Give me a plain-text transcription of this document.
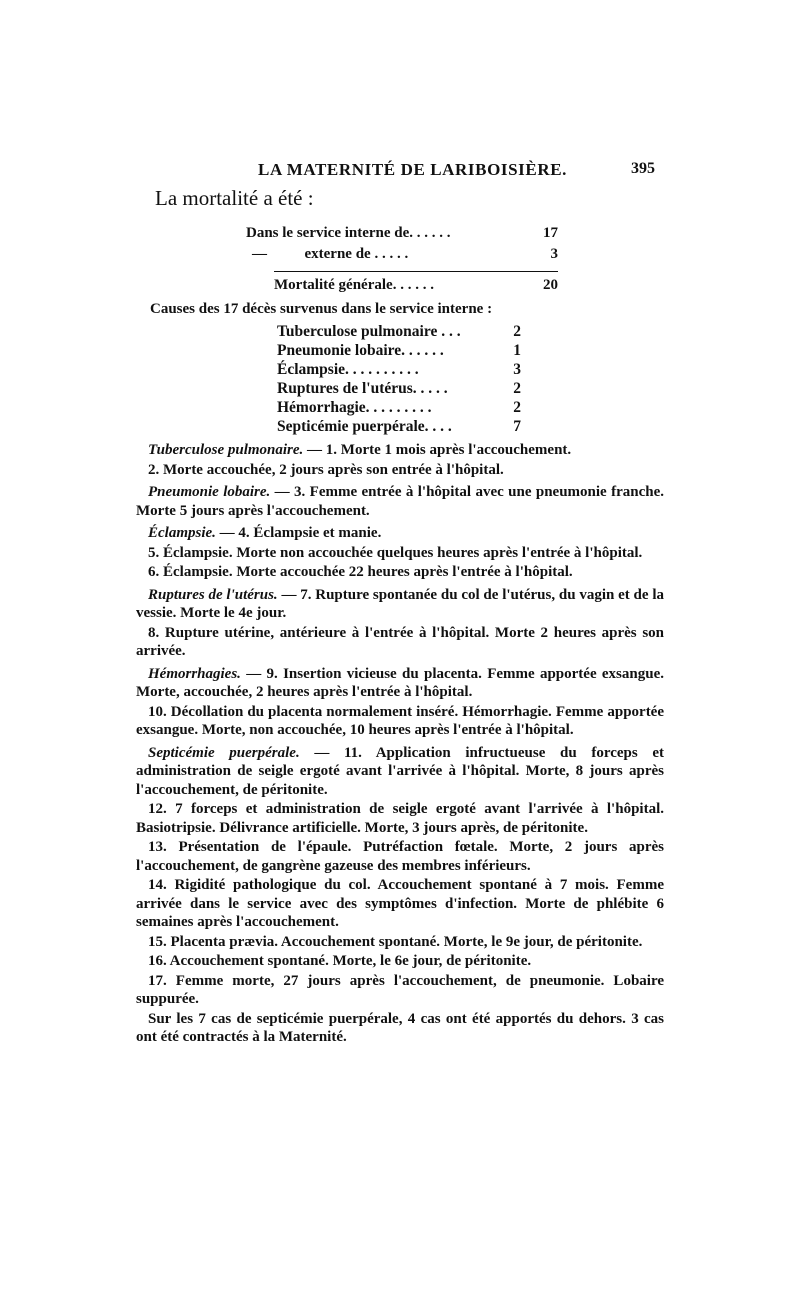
LA MATERNITÉ DE LARIBOISIÈRE.	395
La mortalité a été :
Dans le service interne de. . . . . .	17
—          externe de . . . . .	3
Mortalité générale. . . . . .	20
Causes des 17 décès survenus dans le service interne :
Tuberculose pulmonaire . . .	2
Pneumonie lobaire. . . . . .	1
Éclampsie. . . . . . . . . .	3
Ruptures de l'utérus. . . . .	2
Hémorrhagie. . . . . . . . .	2
Septicémie puerpérale. . . .	7

Tuberculose pulmonaire. — 1. Morte 1 mois après l'accouchement.

2. Morte accouchée, 2 jours après son entrée à l'hôpital.

Pneumonie lobaire. — 3. Femme entrée à l'hôpital avec une pneumonie franche. Morte 5 jours après l'accouchement.

Éclampsie. — 4. Éclampsie et manie.

5. Éclampsie. Morte non accouchée quelques heures après l'entrée à l'hôpital.

6. Éclampsie. Morte accouchée 22 heures après l'entrée à l'hôpital.

Ruptures de l'utérus. — 7. Rupture spontanée du col de l'utérus, du vagin et de la vessie. Morte le 4e jour.

8. Rupture utérine, antérieure à l'entrée à l'hôpital. Morte 2 heures après son arrivée.

Hémorrhagies. — 9. Insertion vicieuse du placenta. Femme apportée exsangue. Morte, accouchée, 2 heures après l'entrée à l'hôpital.

10. Décollation du placenta normalement inséré. Hémorrhagie. Femme apportée exsangue. Morte, non accouchée, 10 heures après l'entrée à l'hôpital.

Septicémie puerpérale. — 11. Application infructueuse du forceps et administration de seigle ergoté avant l'arrivée à l'hôpital. Morte, 8 jours après l'accouchement, de péritonite.

12. 7 forceps et administration de seigle ergoté avant l'arrivée à l'hôpital. Basiotripsie. Délivrance artificielle. Morte, 3 jours après, de péritonite.

13. Présentation de l'épaule. Putréfaction fœtale. Morte, 2 jours après l'accouchement, de gangrène gazeuse des membres inférieurs.

14. Rigidité pathologique du col. Accouchement spontané à 7 mois. Femme arrivée dans le service avec des symptômes d'infection. Morte de phlébite 6 semaines après l'accouchement.

15. Placenta prævia. Accouchement spontané. Morte, le 9e jour, de péritonite.

16. Accouchement spontané. Morte, le 6e jour, de péritonite.

17. Femme morte, 27 jours après l'accouchement, de pneumonie. Lobaire suppurée.

Sur les 7 cas de septicémie puerpérale, 4 cas ont été apportés du dehors. 3 cas ont été contractés à la Maternité.
